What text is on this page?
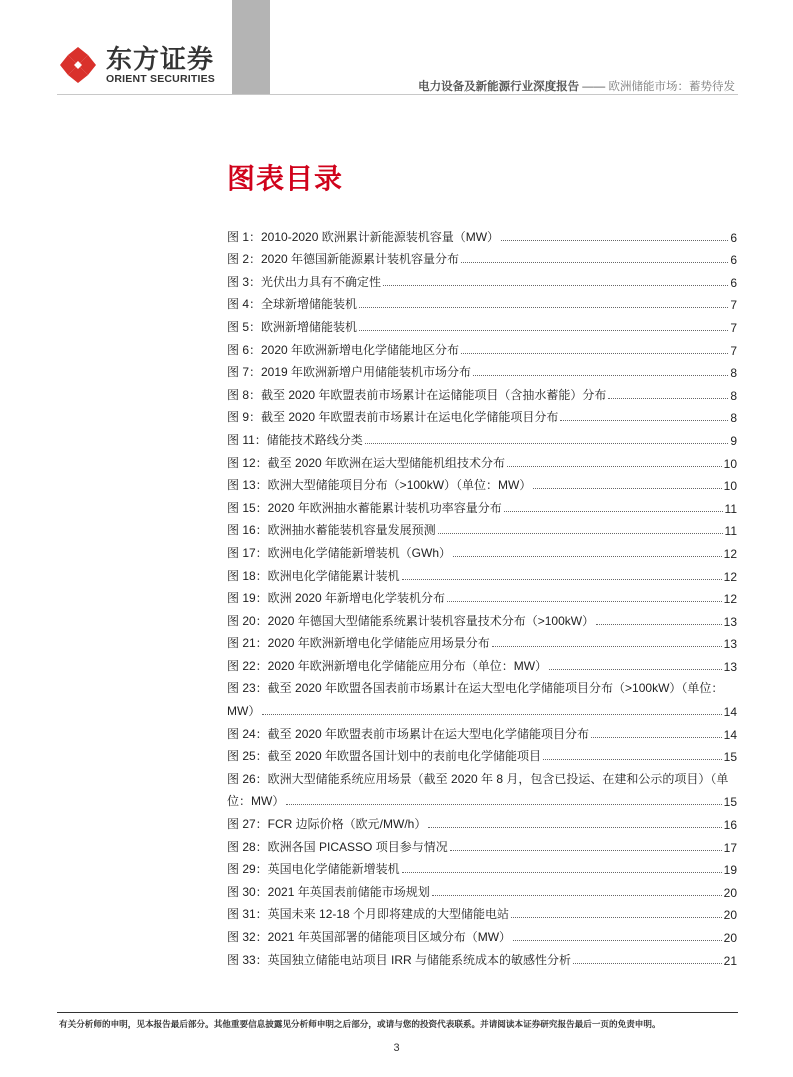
东方证券
ORIENT SECURITIES
电力设备及新能源行业深度报告 —— 欧洲储能市场：蓄势待发
图表目录
图 1：2010-2020 欧洲累计新能源装机容量（MW）	6
图 2：2020 年德国新能源累计装机容量分布	6
图 3：光伏出力具有不确定性	6
图 4：全球新增储能装机	7
图 5：欧洲新增储能装机	7
图 6：2020 年欧洲新增电化学储能地区分布	7
图 7：2019 年欧洲新增户用储能装机市场分布	8
图 8：截至 2020 年欧盟表前市场累计在运储能项目（含抽水蓄能）分布	8
图 9：截至 2020 年欧盟表前市场累计在运电化学储能项目分布	8
图 11：储能技术路线分类	9
图 12：截至 2020 年欧洲在运大型储能机组技术分布	10
图 13：欧洲大型储能项目分布（>100kW）（单位：MW）	10
图 15：2020 年欧洲抽水蓄能累计装机功率容量分布	11
图 16：欧洲抽水蓄能装机容量发展预测	11
图 17：欧洲电化学储能新增装机（GWh）	12
图 18：欧洲电化学储能累计装机	12
图 19：欧洲 2020 年新增电化学装机分布	12
图 20：2020 年德国大型储能系统累计装机容量技术分布（>100kW）	13
图 21：2020 年欧洲新增电化学储能应用场景分布	13
图 22：2020 年欧洲新增电化学储能应用分布（单位：MW）	13
图 23：截至 2020 年欧盟各国表前市场累计在运大型电化学储能项目分布（>100kW）（单位：
MW）	14
图 24：截至 2020 年欧盟表前市场累计在运大型电化学储能项目分布	14
图 25：截至 2020 年欧盟各国计划中的表前电化学储能项目	15
图 26：欧洲大型储能系统应用场景（截至 2020 年 8 月，包含已投运、在建和公示的项目）（单
位：MW）	15
图 27：FCR 边际价格（欧元/MW/h）	16
图 28：欧洲各国 PICASSO 项目参与情况	17
图 29：英国电化学储能新增装机	19
图 30：2021 年英国表前储能市场规划	20
图 31：英国未来 12-18 个月即将建成的大型储能电站	20
图 32：2021 年英国部署的储能项目区域分布（MW）	20
图 33：英国独立储能电站项目 IRR 与储能系统成本的敏感性分析	21
有关分析师的申明，见本报告最后部分。其他重要信息披露见分析师申明之后部分，或请与您的投资代表联系。并请阅读本证券研究报告最后一页的免责申明。
3
